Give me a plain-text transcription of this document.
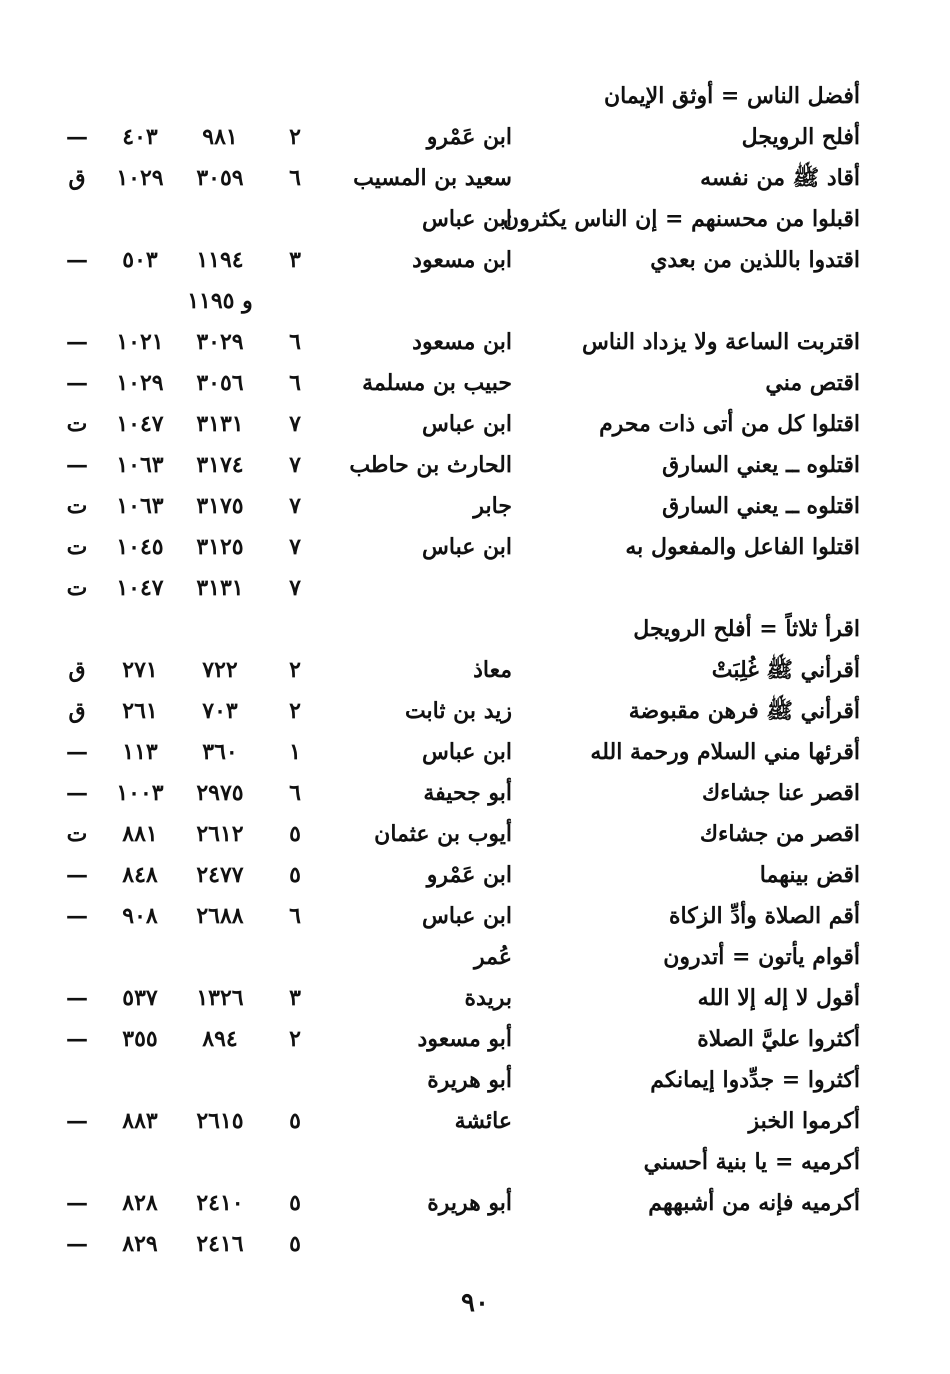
أفضل الناس = أوثق الإيمان
أفلح الرويجل
ابن عَمْرو
٢
٩٨١
٤٠٣
—
أقاد ﷺ من نفسه
سعيد بن المسيب
٦
٣٠٥٩
١٠٢٩
ق
اقبلوا من محسنهم = إن الناس يكثرون
ابن عباس
اقتدوا باللذين من بعدي
ابن مسعود
٣
١١٩٤
٥٠٣
—
و ١١٩٥
اقتربت الساعة ولا يزداد الناس
ابن مسعود
٦
٣٠٢٩
١٠٢١
—
اقتص مني
حبيب بن مسلمة
٦
٣٠٥٦
١٠٢٩
—
اقتلوا كل من أتى ذات محرم
ابن عباس
٧
٣١٣١
١٠٤٧
ت
اقتلوه ــ يعني السارق
الحارث بن حاطب
٧
٣١٧٤
١٠٦٣
—
اقتلوه ــ يعني السارق
جابر
٧
٣١٧٥
١٠٦٣
ت
اقتلوا الفاعل والمفعول به
ابن عباس
٧
٣١٢٥
١٠٤٥
ت
٧
٣١٣١
١٠٤٧
ت
اقرأ ثلاثاً = أفلح الرويجل
أقرأني ﷺ غُلِبَتْ
معاذ
٢
٧٢٢
٢٧١
ق
أقرأني ﷺ فرهن مقبوضة
زيد بن ثابت
٢
٧٠٣
٢٦١
ق
أقرئها مني السلام ورحمة الله
ابن عباس
١
٣٦٠
١١٣
—
اقصر عنا جشاءك
أبو جحيفة
٦
٢٩٧٥
١٠٠٣
—
اقصر من جشاءك
أيوب بن عثمان
٥
٢٦١٢
٨٨١
ت
اقض بينهما
ابن عَمْرو
٥
٢٤٧٧
٨٤٨
—
أقم الصلاة وأدِّ الزكاة
ابن عباس
٦
٢٦٨٨
٩٠٨
—
أقوام يأتون = أتدرون
عُمر
أقول لا إله إلا الله
بريدة
٣
١٣٢٦
٥٣٧
—
أكثروا عليَّ الصلاة
أبو مسعود
٢
٨٩٤
٣٥٥
—
أكثروا = جدِّدوا إيمانكم
أبو هريرة
أكرموا الخبز
عائشة
٥
٢٦١٥
٨٨٣
—
أكرميه = يا بنية أحسني
أكرميه فإنه من أشبههم
أبو هريرة
٥
٢٤١٠
٨٢٨
—
٥
٢٤١٦
٨٢٩
—
٩٠
